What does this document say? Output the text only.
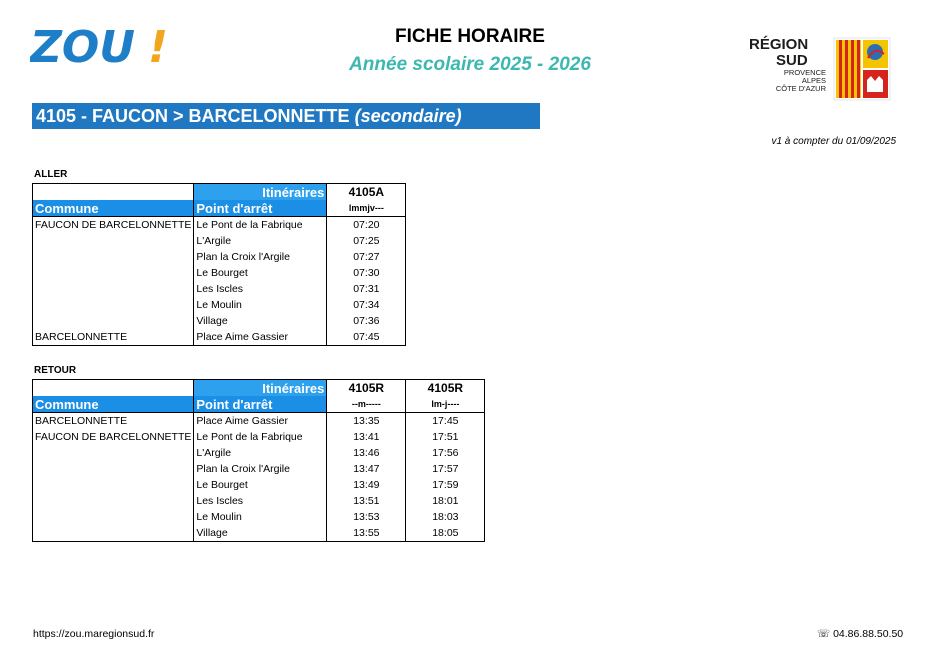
ZOU !	FICHE HORAIRE
Année scolaire 2025 - 2026
RÉGION
SUD
PROVENCE
ALPES
CÔTE D'AZUR
4105 - FAUCON > BARCELONNETTE (secondaire)
v1 à compter du 01/09/2025
ALLER
	Itinéraires	4105A
Commune	Point d'arrêt	lmmjv---
FAUCON DE BARCELONNETTE	Le Pont de la Fabrique	07:20
	L'Argile	07:25
	Plan la Croix l'Argile	07:27
	Le Bourget	07:30
	Les Iscles	07:31
	Le Moulin	07:34
	Village	07:36
BARCELONNETTE	Place Aime Gassier	07:45
RETOUR
	Itinéraires	4105R	4105R
Commune	Point d'arrêt	--m-----	lm-j----
BARCELONNETTE	Place Aime Gassier	13:35	17:45
FAUCON DE BARCELONNETTE	Le Pont de la Fabrique	13:41	17:51
	L'Argile	13:46	17:56
	Plan la Croix l'Argile	13:47	17:57
	Le Bourget	13:49	17:59
	Les Iscles	13:51	18:01
	Le Moulin	13:53	18:03
	Village	13:55	18:05
https://zou.maregionsud.fr	☏ 04.86.88.50.50
